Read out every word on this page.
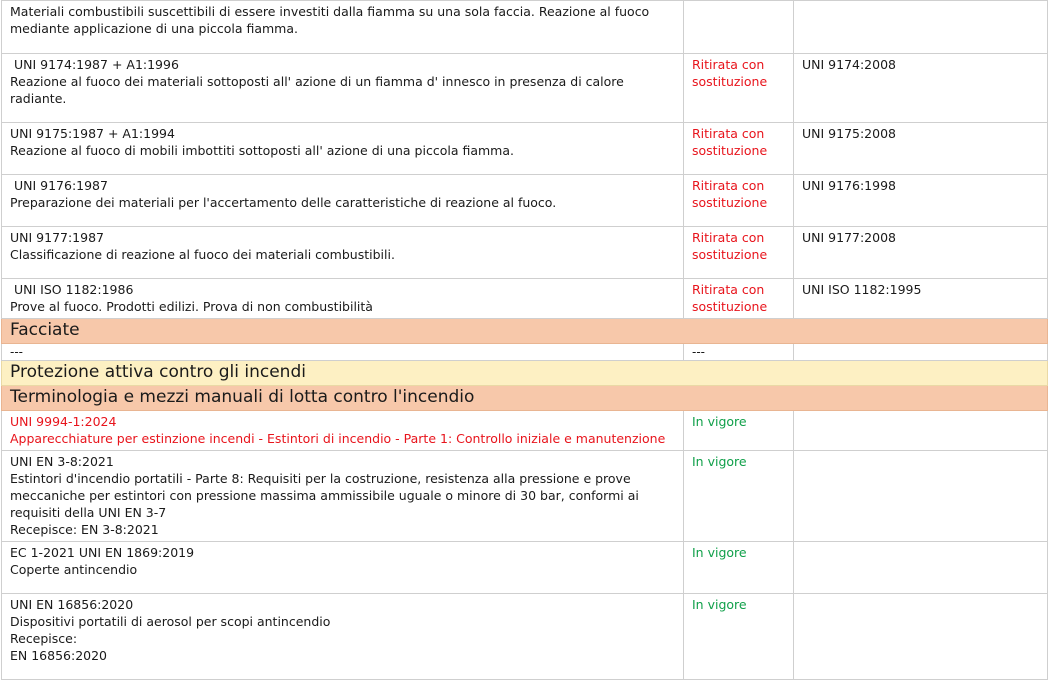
Materiali combustibili suscettibili di essere investiti dalla fiamma su una sola faccia. Reazione al fuoco mediante applicazione di una piccola fiamma.		

UNI 9174:1987 + A1:1996
Reazione al fuoco dei materiali sottoposti all' azione di un fiamma d' innesco in presenza di calore radiante.	Ritirata con sostituzione	UNI 9174:2008

UNI 9175:1987 + A1:1994
Reazione al fuoco di mobili imbottiti sottoposti all' azione di una piccola fiamma.	Ritirata con sostituzione	UNI 9175:2008

UNI 9176:1987
Preparazione dei materiali per l'accertamento delle caratteristiche di reazione al fuoco.	Ritirata con sostituzione	UNI 9176:1998

UNI 9177:1987
Classificazione di reazione al fuoco dei materiali combustibili.	Ritirata con sostituzione	UNI 9177:2008

UNI ISO 1182:1986
Prove al fuoco. Prodotti edilizi. Prova di non combustibilità	Ritirata con sostituzione	UNI ISO 1182:1995
Facciate		
---	---	
Protezione attiva contro gli incendi		
Terminologia e mezzi manuali di lotta contro l'incendio		

UNI 9994-1:2024
Apparecchiature per estinzione incendi - Estintori di incendio - Parte 1: Controllo iniziale e manutenzione	In vigore	

UNI EN 3-8:2021
Estintori d'incendio portatili - Parte 8: Requisiti per la costruzione, resistenza alla pressione e prove meccaniche per estintori con pressione massima ammissibile uguale o minore di 30 bar, conformi ai requisiti della UNI EN 3-7
Recepisce: EN 3-8:2021	In vigore	

EC 1-2021 UNI EN 1869:2019
Coperte antincendio	In vigore	

UNI EN 16856:2020
Dispositivi portatili di aerosol per scopi antincendio
Recepisce:
EN 16856:2020	In vigore	
